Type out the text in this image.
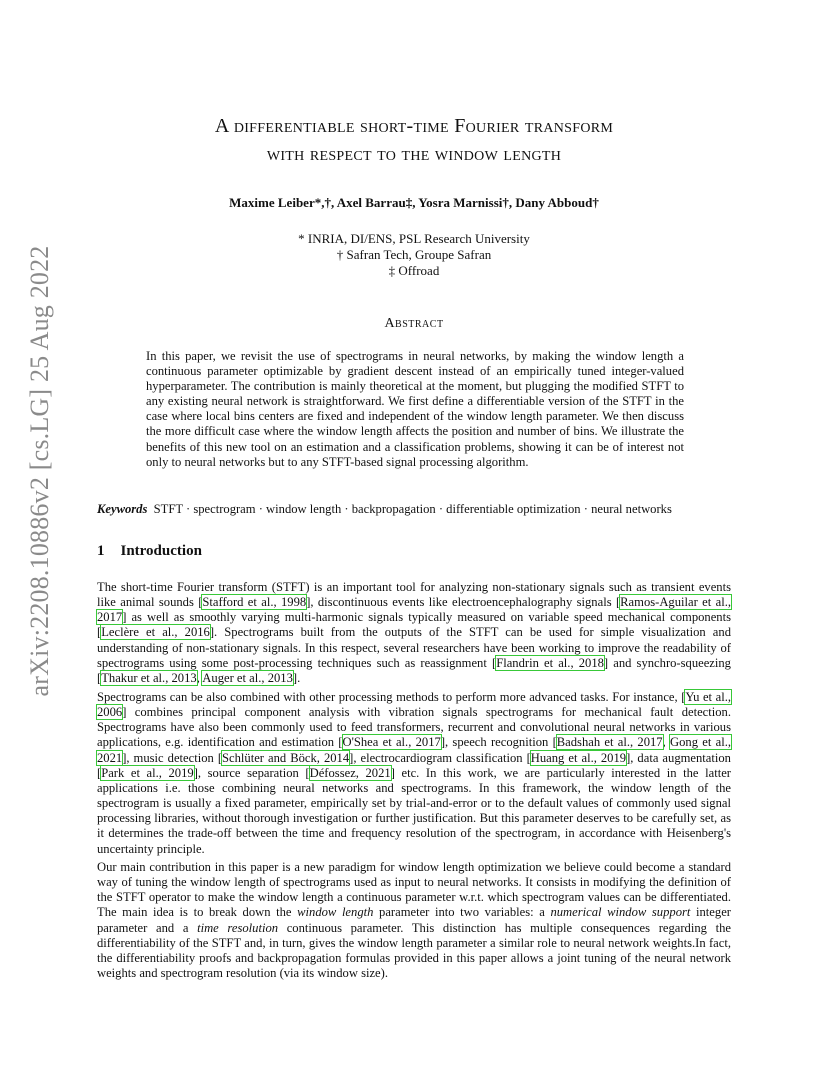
arXiv:2208.10886v2 [cs.LG] 25 Aug 2022
A differentiable short-time Fourier transform
with respect to the window length
Maxime Leiber*,†, Axel Barrau‡, Yosra Marnissi†, Dany Abboud†
* INRIA, DI/ENS, PSL Research University
† Safran Tech, Groupe Safran
‡ Offroad
Abstract
In this paper, we revisit the use of spectrograms in neural networks, by making the window length a continuous parameter optimizable by gradient descent instead of an empirically tuned integer-valued hyperparameter. The contribution is mainly theoretical at the moment, but plugging the modified STFT to any existing neural network is straightforward. We first define a differentiable version of the STFT in the case where local bins centers are fixed and independent of the window length parameter. We then discuss the more difficult case where the window length affects the position and number of bins. We illustrate the benefits of this new tool on an estimation and a classification problems, showing it can be of interest not only to neural networks but to any STFT-based signal processing algorithm.
Keywords STFT · spectrogram · window length · backpropagation · differentiable optimization · neural networks
1 Introduction
The short-time Fourier transform (STFT) is an important tool for analyzing non-stationary signals such as transient events like animal sounds [Stafford et al., 1998], discontinuous events like electroencephalography signals [Ramos-Aguilar et al., 2017] as well as smoothly varying multi-harmonic signals typically measured on variable speed mechanical components [Leclère et al., 2016]. Spectrograms built from the outputs of the STFT can be used for simple visualization and understanding of non-stationary signals. In this respect, several researchers have been working to improve the readability of spectrograms using some post-processing techniques such as reassignment [Flandrin et al., 2018] and synchro-squeezing [Thakur et al., 2013, Auger et al., 2013].
Spectrograms can be also combined with other processing methods to perform more advanced tasks. For instance, [Yu et al., 2006] combines principal component analysis with vibration signals spectrograms for mechanical fault detection. Spectrograms have also been commonly used to feed transformers, recurrent and convolutional neural networks in various applications, e.g. identification and estimation [O'Shea et al., 2017], speech recognition [Badshah et al., 2017, Gong et al., 2021], music detection [Schlüter and Böck, 2014], electrocardiogram classification [Huang et al., 2019], data augmentation [Park et al., 2019], source separation [Défossez, 2021] etc. In this work, we are particularly interested in the latter applications i.e. those combining neural networks and spectrograms. In this framework, the window length of the spectrogram is usually a fixed parameter, empirically set by trial-and-error or to the default values of commonly used signal processing libraries, without thorough investigation or further justification. But this parameter deserves to be carefully set, as it determines the trade-off between the time and frequency resolution of the spectrogram, in accordance with Heisenberg's uncertainty principle.
Our main contribution in this paper is a new paradigm for window length optimization we believe could become a standard way of tuning the window length of spectrograms used as input to neural networks. It consists in modifying the definition of the STFT operator to make the window length a continuous parameter w.r.t. which spectrogram values can be differentiated. The main idea is to break down the window length parameter into two variables: a numerical window support integer parameter and a time resolution continuous parameter. This distinction has multiple consequences regarding the differentiability of the STFT and, in turn, gives the window length parameter a similar role to neural network weights.In fact, the differentiability proofs and backpropagation formulas provided in this paper allows a joint tuning of the neural network weights and spectrogram resolution (via its window size).
